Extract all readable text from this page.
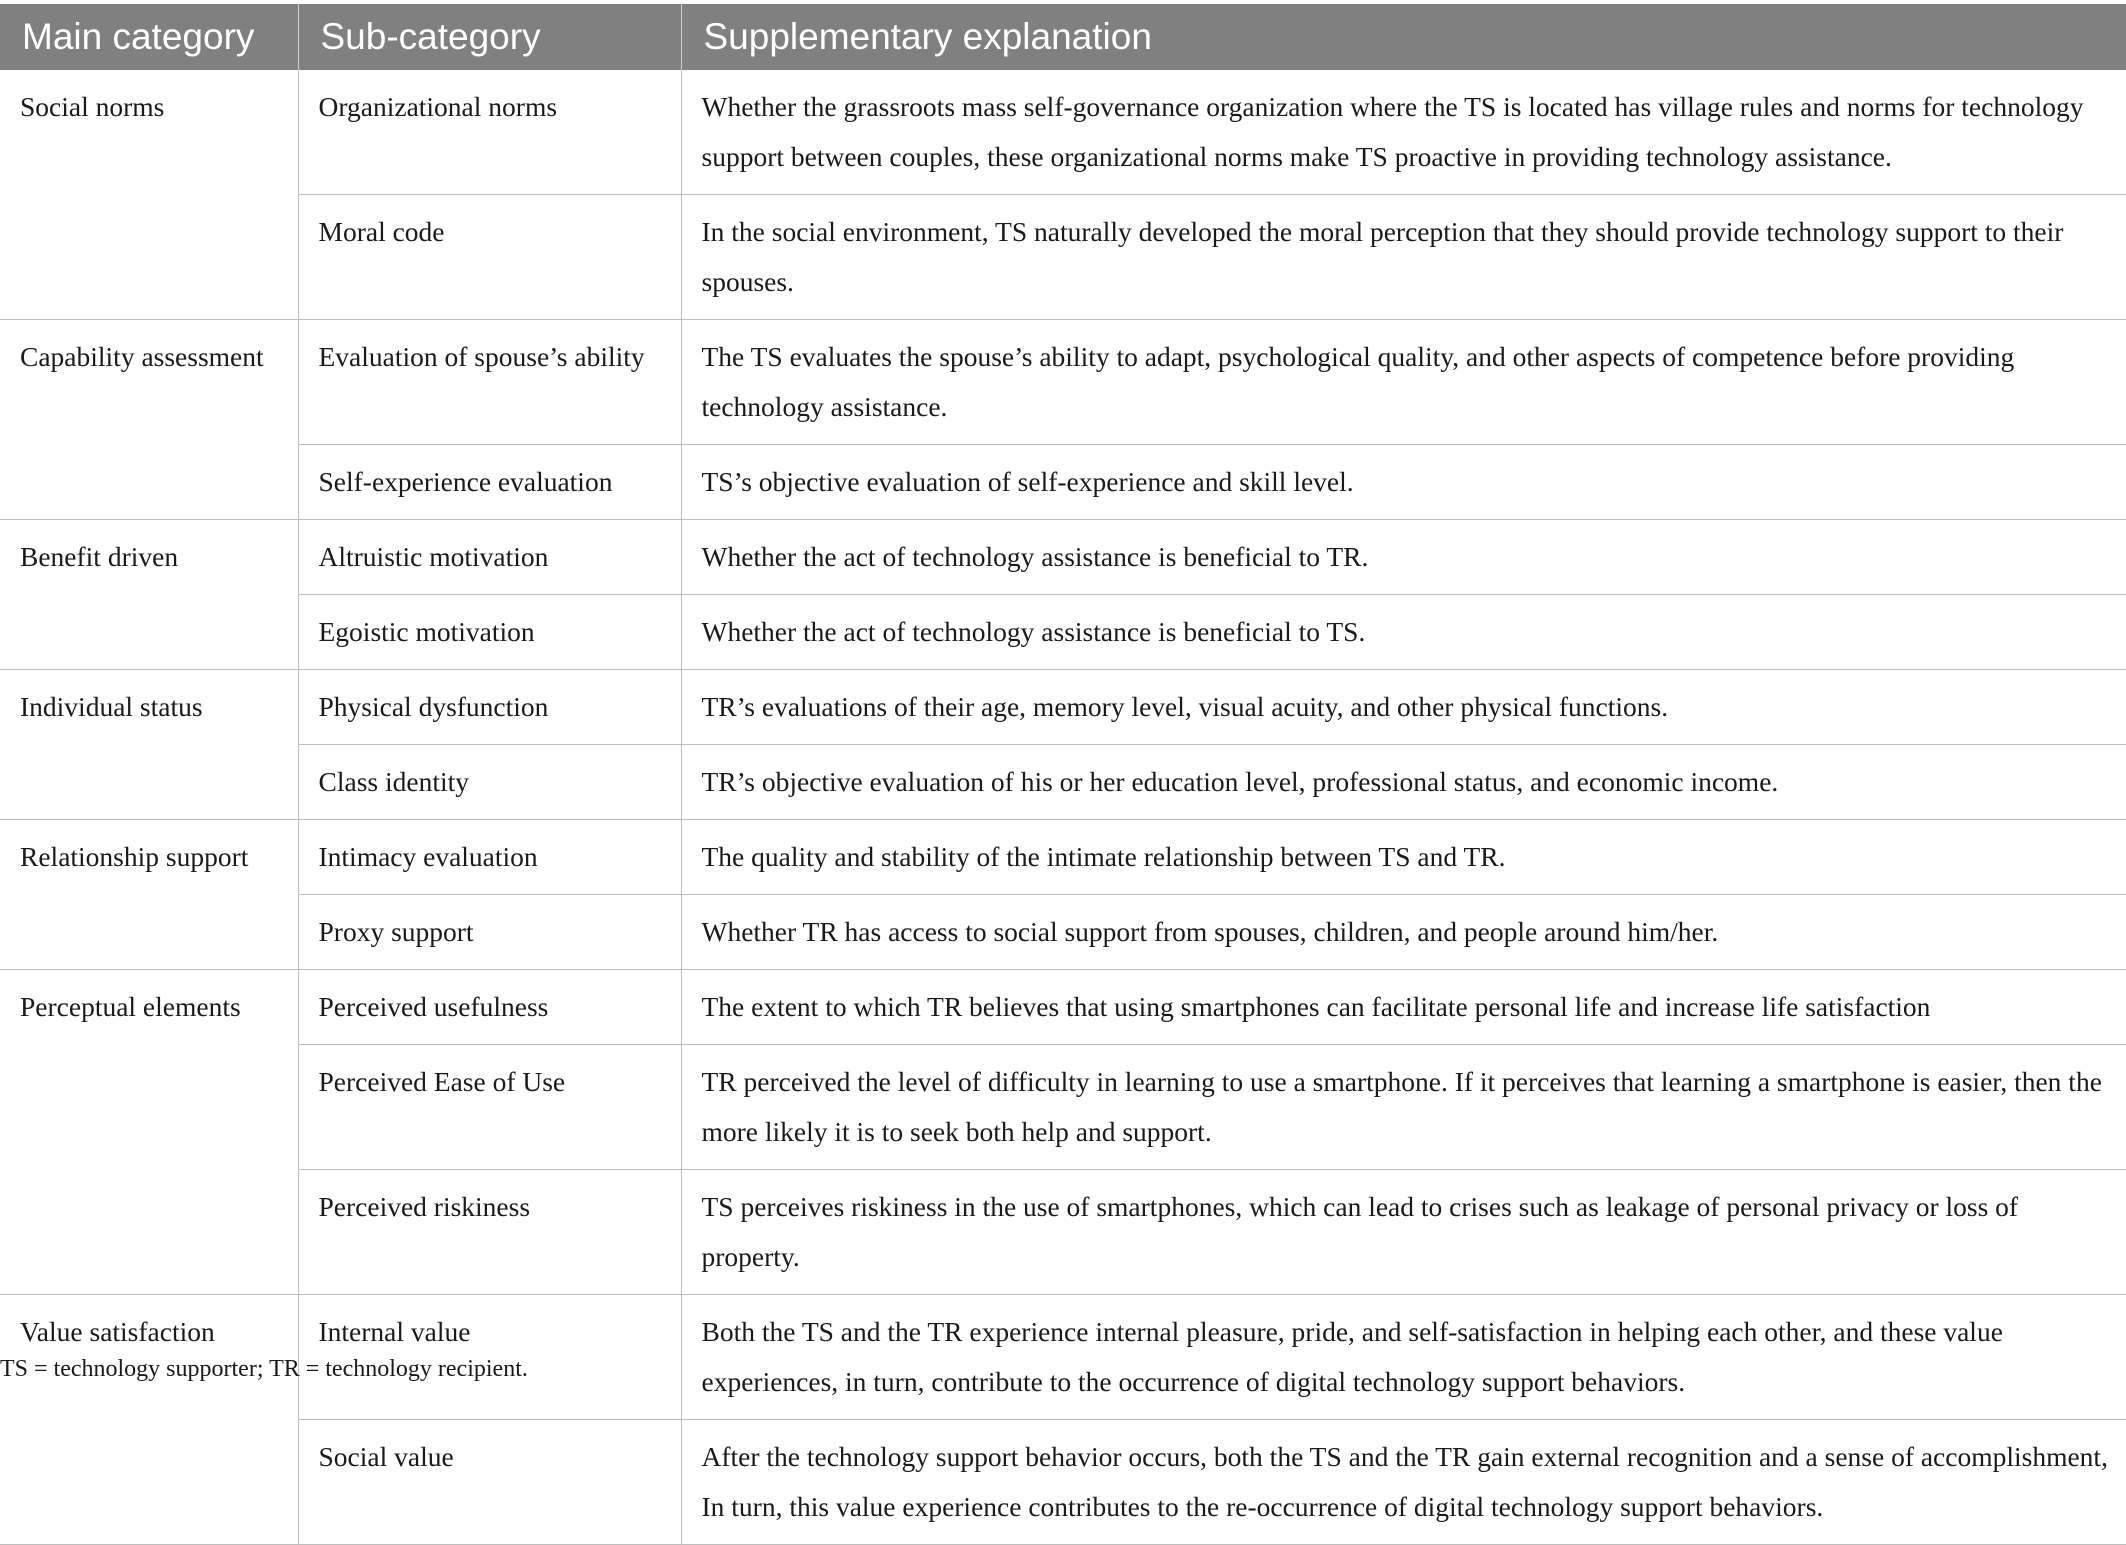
Main category	Sub-category	Supplementary explanation
Social norms	Organizational norms	Whether the grassroots mass self-governance organization where the TS is located has village rules and norms for technology support between couples, these organizational norms make TS proactive in providing technology assistance.
	Moral code	In the social environment, TS naturally developed the moral perception that they should provide technology support to their spouses.
Capability assessment	Evaluation of spouse’s ability	The TS evaluates the spouse’s ability to adapt, psychological quality, and other aspects of competence before providing technology assistance.
	Self-experience evaluation	TS’s objective evaluation of self-experience and skill level.
Benefit driven	Altruistic motivation	Whether the act of technology assistance is beneficial to TR.
	Egoistic motivation	Whether the act of technology assistance is beneficial to TS.
Individual status	Physical dysfunction	TR’s evaluations of their age, memory level, visual acuity, and other physical functions.
	Class identity	TR’s objective evaluation of his or her education level, professional status, and economic income.
Relationship support	Intimacy evaluation	The quality and stability of the intimate relationship between TS and TR.
	Proxy support	Whether TR has access to social support from spouses, children, and people around him/her.
Perceptual elements	Perceived usefulness	The extent to which TR believes that using smartphones can facilitate personal life and increase life satisfaction
	Perceived Ease of Use	TR perceived the level of difficulty in learning to use a smartphone. If it perceives that learning a smartphone is easier, then the more likely it is to seek both help and support.
	Perceived riskiness	TS perceives riskiness in the use of smartphones, which can lead to crises such as leakage of personal privacy or loss of property.
Value satisfaction	Internal value	Both the TS and the TR experience internal pleasure, pride, and self-satisfaction in helping each other, and these value experiences, in turn, contribute to the occurrence of digital technology support behaviors.
	Social value	After the technology support behavior occurs, both the TS and the TR gain external recognition and a sense of accomplishment, In turn, this value experience contributes to the re-occurrence of digital technology support behaviors.
TS = technology supporter; TR = technology recipient.
